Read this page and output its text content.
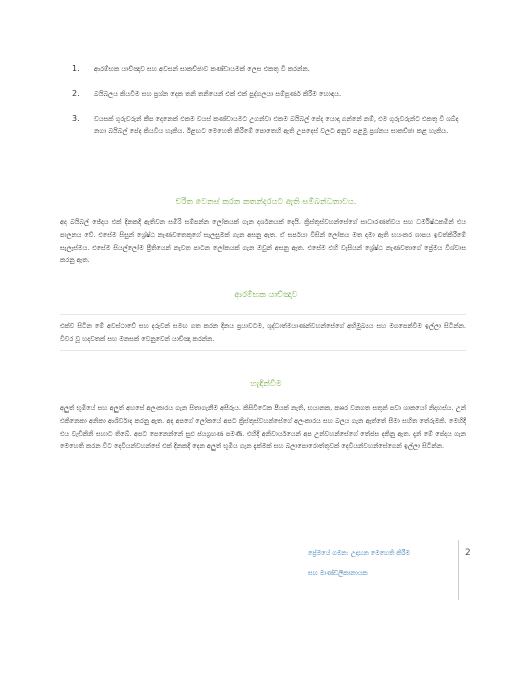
1.	ආරම්භක යාච්ඤාව සහ අවසන් සාකච්ඡාව කණ්ඩායමක් ලෙස එකතු වී කරන්න.
2.	බයිබලය කියවීම සහ ප්‍රශ්න දෙක තනි තනියෙන් එක් එක් පුද්ගලයා සම්පූර්ණ කිරීම හොඳය.
3.	වයසක් ගුරුවරුන් කීප දෙනෙක් එකම වයස් කණ්ඩායමට උගන්වා එකම බයිබල් පේද යොදා ගන්නේ නම්, එම ගුරුවරුන්ට එකතු වී ශබ්ද නගා බයිබල් පේද කියවිය හැකිය. ඊළඟට මෙහෙති කිරීමේ පොතෙහි ඇති උපදෙස් වලට අනුව පළමු ප්‍රශ්නය සාකච්ඡා කළ හැකිය.
චරිත වෙනස් කරන කතන්දරයට ඇති සම්බන්ධතාවය.

අද බයිබල් ජේදය එක් දිනකදී ඇතිවන සමිරි සම්පන්න ලෝකයක් ගැන දර්ශනයක් දෙයි. ක්‍රිස්තුස්වහන්සේගේ සාධාරණත්වය සහ ධර්මිෂ්ඨකමින් එය පාලනය වේ. එසේම සිසුන් ශ්‍රේෂ්ඨ නැණවතෙකුගේ සැලසුමක් ගැන අසනු ඇත. ඒ සර්පයා විසින් ලෝකය මත දමා ඇති භයංකර ශාපය ඉවත්කිරීමේ සැලැස්මය. එසේම සියල්ලෝම ප්‍රීතියෙන් නැවත පාටන ලෝකයක් ගැන ඔවුන් අසනු ඇත. එසේම එහි වැසියන් ශ්‍රේෂ්ඨ නැණවතාගේ ප්‍රේමය විශ්වාස කරනු ඇත.

ආරම්භක යාච්ඤාව

එක්ව සිටින මේ අවස්ථාවේ සහ දරුවන් සමඟ ගත කරන දිනය ප්‍රයාවටම, ශුද්ධාත්මයාණන්වහන්සේගේ අභිමුඛ්‍යය සහ මගපෙන්වීම ඉල්ලා සිටින්න. විවර වූ හදවතක් සහ මනසක් වෙනුවෙන් යාච්ඤා කරන්න.

හැඳින්වීම

අලුත් භූමියේ සහ අලුත් අහසේ අලංකාරය ගැන සිතාගැනීම අසීරුය. කිසිවිටෙක පීයක් නැති, භයානක, කෲර වනගත සතුන් පවා ශාකයෝ නිදහස්ය. උන් එකිනෙකා අනිකා ආශිර්වාද කරනු ඇත. අද අපගේ ලෝකයේ අපට ක්‍රිස්තුස්වහන්සේගේ අලංකාරය සහ බලය ගැන ඇත්තේ සීමා සහිත තේරුමකි. මෙහිදී එය වැඩිකිනි සහාට තිබේ. අපට පෙනෙන්නේ සුළු ජයග්‍රහණ පමණි. එහිදී අනිවාර්යයෙන් අප උන්වහන්සේගේ තේජස දකිනු ඇත. දැන් මේ පේදය ගැන මෙහෙති කරන විට දෙවියන්වහන්සේ එක් දිනකදී දෙන අලුත් භූමිය ගැන දැක්මක් සහ බලාපොරොත්තුවක් දෙවියන්වහන්සේගෙන් ඉල්ලා සිටින්න.

ප්‍රේමයේ ගමන: උදාහන මෙහෙති කිරීම
සහ මාණ්ඩලිකානායක
2
